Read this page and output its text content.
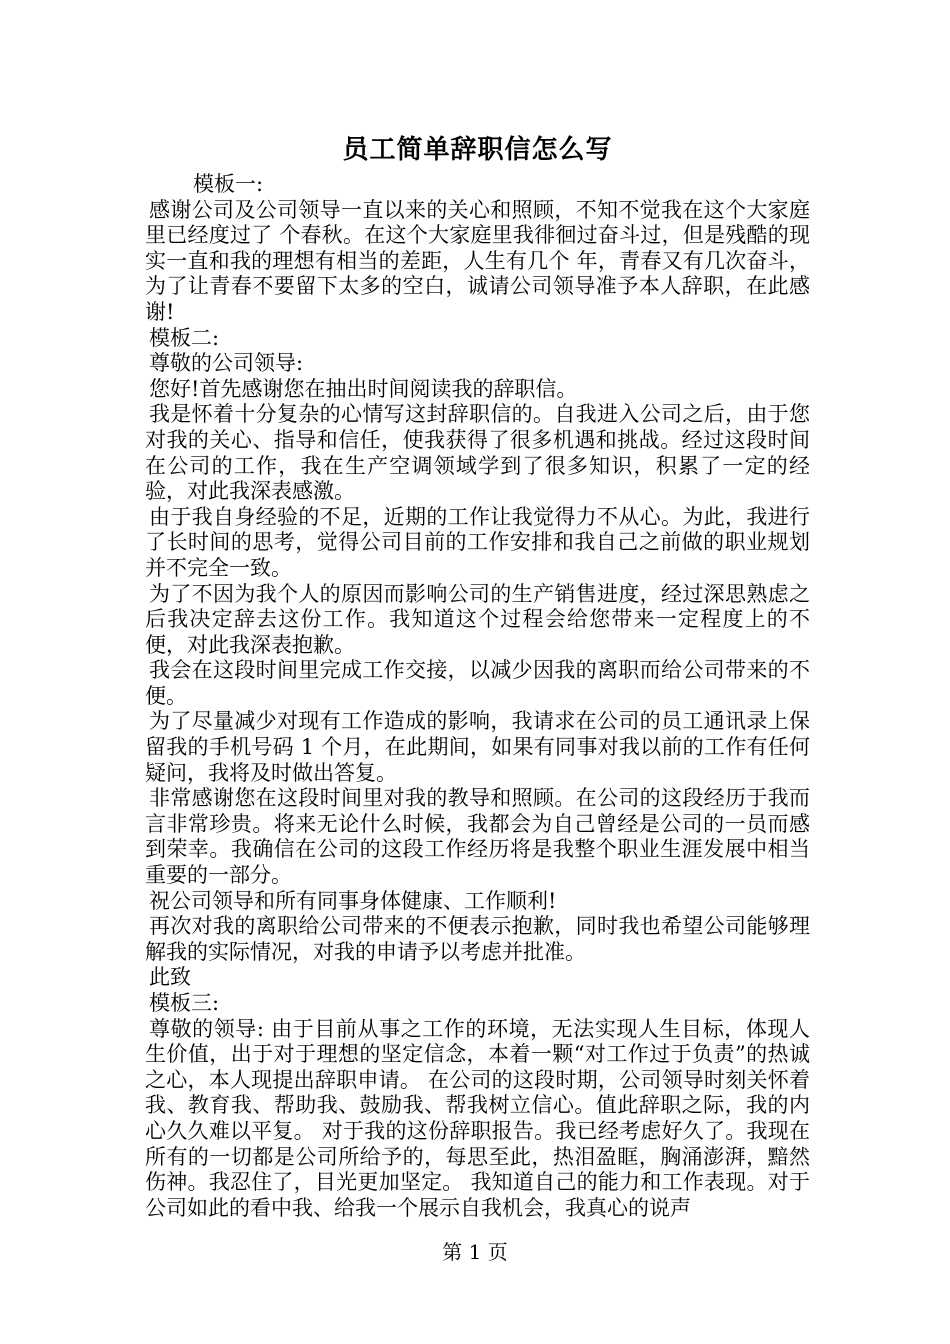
员工简单辞职信怎么写

模板一:

感谢公司及公司领导一直以来的关心和照顾，不知不觉我在这个大家庭里已经度过了 个春秋。在这个大家庭里我徘徊过奋斗过，但是残酷的现实一直和我的理想有相当的差距，人生有几个 年，青春又有几次奋斗，为了让青春不要留下太多的空白，诚请公司领导准予本人辞职，在此感谢!

模板二:

尊敬的公司领导:

您好!首先感谢您在抽出时间阅读我的辞职信。

我是怀着十分复杂的心情写这封辞职信的。自我进入公司之后，由于您对我的关心、指导和信任，使我获得了很多机遇和挑战。经过这段时间在公司的工作，我在生产空调领域学到了很多知识，积累了一定的经验，对此我深表感激。

由于我自身经验的不足，近期的工作让我觉得力不从心。为此，我进行了长时间的思考，觉得公司目前的工作安排和我自己之前做的职业规划并不完全一致。

为了不因为我个人的原因而影响公司的生产销售进度，经过深思熟虑之后我决定辞去这份工作。我知道这个过程会给您带来一定程度上的不便，对此我深表抱歉。

我会在这段时间里完成工作交接，以减少因我的离职而给公司带来的不便。

为了尽量减少对现有工作造成的影响，我请求在公司的员工通讯录上保留我的手机号码 1 个月，在此期间，如果有同事对我以前的工作有任何疑问，我将及时做出答复。

非常感谢您在这段时间里对我的教导和照顾。在公司的这段经历于我而言非常珍贵。将来无论什么时候，我都会为自己曾经是公司的一员而感到荣幸。我确信在公司的这段工作经历将是我整个职业生涯发展中相当重要的一部分。

祝公司领导和所有同事身体健康、工作顺利!

再次对我的离职给公司带来的不便表示抱歉，同时我也希望公司能够理解我的实际情况，对我的申请予以考虑并批准。

此致

模板三:

尊敬的领导: 由于目前从事之工作的环境，无法实现人生目标，体现人生价值，出于对于理想的坚定信念，本着一颗“对工作过于负责”的热诚之心，本人现提出辞职申请。 在公司的这段时期，公司领导时刻关怀着我、教育我、帮助我、鼓励我、帮我树立信心。值此辞职之际，我的内心久久难以平复。 对于我的这份辞职报告。我已经考虑好久了。我现在所有的一切都是公司所给予的，每思至此，热泪盈眶，胸涌澎湃，黯然伤神。我忍住了，目光更加坚定。 我知道自己的能力和工作表现。对于公司如此的看中我、给我一个展示自我机会，我真心的说声

第 1 页
